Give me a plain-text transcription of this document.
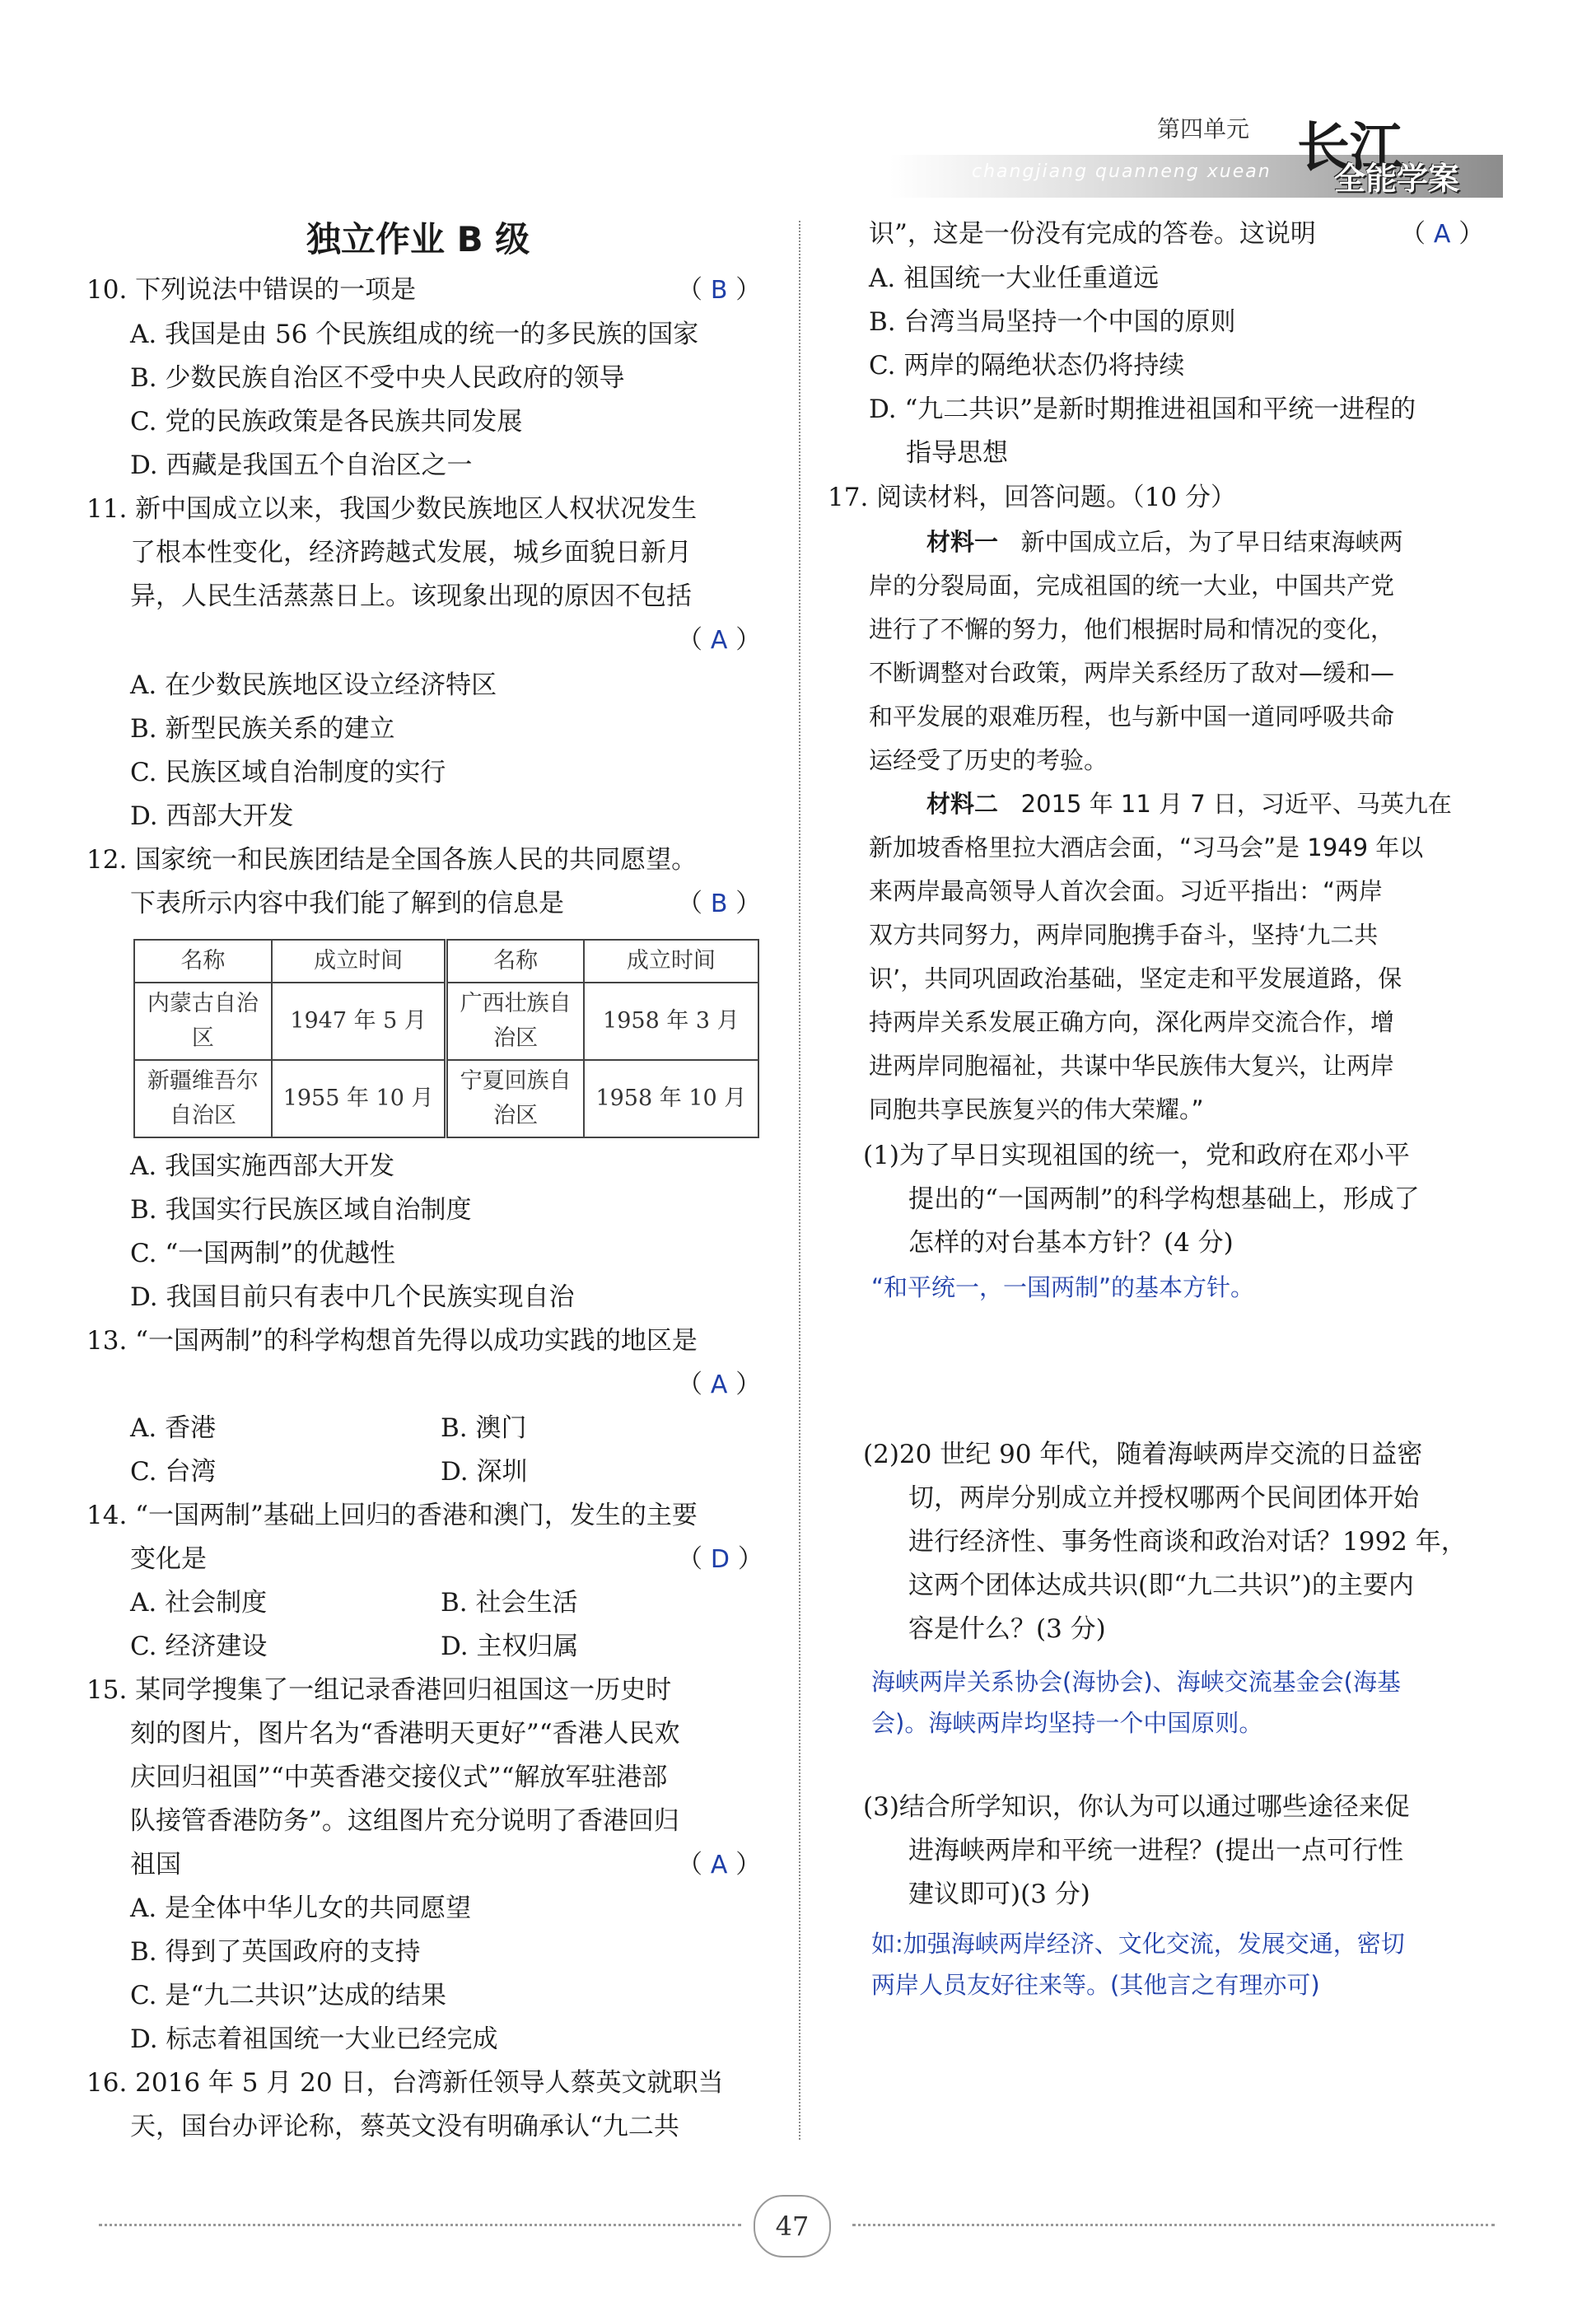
changjiang quanneng xuean
第四单元 长江
全能学案
独立作业 B 级
10. 下列说法中错误的一项是	（ B ）
A. 我国是由 56 个民族组成的统一的多民族的国家
B. 少数民族自治区不受中央人民政府的领导
C. 党的民族政策是各民族共同发展
D. 西藏是我国五个自治区之一
11. 新中国成立以来，我国少数民族地区人权状况发生
了根本性变化，经济跨越式发展，城乡面貌日新月
异，人民生活蒸蒸日上。该现象出现的原因不包括
（ A ）
A. 在少数民族地区设立经济特区
B. 新型民族关系的建立
C. 民族区域自治制度的实行
D. 西部大开发
12. 国家统一和民族团结是全国各族人民的共同愿望。
下表所示内容中我们能了解到的信息是	（ B ）
名称	成立时间	名称	成立时间
内蒙古自治区	1947 年 5 月	广西壮族自治区	1958 年 3 月
新疆维吾尔自治区	1955 年 10 月	宁夏回族自治区	1958 年 10 月
A. 我国实施西部大开发
B. 我国实行民族区域自治制度
C. “一国两制”的优越性
D. 我国目前只有表中几个民族实现自治
13. “一国两制”的科学构想首先得以成功实践的地区是
（ A ）
A. 香港	B. 澳门
C. 台湾	D. 深圳
14. “一国两制”基础上回归的香港和澳门，发生的主要
变化是	（ D ）
A. 社会制度	B. 社会生活
C. 经济建设	D. 主权归属
15. 某同学搜集了一组记录香港回归祖国这一历史时
刻的图片，图片名为“香港明天更好”“香港人民欢
庆回归祖国”“中英香港交接仪式”“解放军驻港部
队接管香港防务”。这组图片充分说明了香港回归
祖国	（ A ）
A. 是全体中华儿女的共同愿望
B. 得到了英国政府的支持
C. 是“九二共识”达成的结果
D. 标志着祖国统一大业已经完成
16. 2016 年 5 月 20 日，台湾新任领导人蔡英文就职当
天，国台办评论称，蔡英文没有明确承认“九二共
识”，这是一份没有完成的答卷。这说明	（ A ）
A. 祖国统一大业任重道远
B. 台湾当局坚持一个中国的原则
C. 两岸的隔绝状态仍将持续
D. “九二共识”是新时期推进祖国和平统一进程的
指导思想
17. 阅读材料，回答问题。（10 分）
材料一 新中国成立后，为了早日结束海峡两
岸的分裂局面，完成祖国的统一大业，中国共产党
进行了不懈的努力，他们根据时局和情况的变化，
不断调整对台政策，两岸关系经历了敌对—缓和—
和平发展的艰难历程，也与新中国一道同呼吸共命
运经受了历史的考验。
材料二 2015 年 11 月 7 日，习近平、马英九在
新加坡香格里拉大酒店会面，“习马会”是 1949 年以
来两岸最高领导人首次会面。习近平指出：“两岸
双方共同努力，两岸同胞携手奋斗，坚持‘九二共
识’，共同巩固政治基础，坚定走和平发展道路，保
持两岸关系发展正确方向，深化两岸交流合作，增
进两岸同胞福祉，共谋中华民族伟大复兴，让两岸
同胞共享民族复兴的伟大荣耀。”
(1)为了早日实现祖国的统一，党和政府在邓小平
提出的“一国两制”的科学构想基础上，形成了
怎样的对台基本方针？(4 分)
“和平统一，一国两制”的基本方针。
(2)20 世纪 90 年代，随着海峡两岸交流的日益密
切，两岸分别成立并授权哪两个民间团体开始
进行经济性、事务性商谈和政治对话？1992 年，
这两个团体达成共识(即“九二共识”)的主要内
容是什么？(3 分)
海峡两岸关系协会(海协会)、海峡交流基金会(海基
会)。海峡两岸均坚持一个中国原则。
(3)结合所学知识，你认为可以通过哪些途径来促
进海峡两岸和平统一进程？(提出一点可行性
建议即可)(3 分)
如:加强海峡两岸经济、文化交流，发展交通，密切
两岸人员友好往来等。(其他言之有理亦可)
47
